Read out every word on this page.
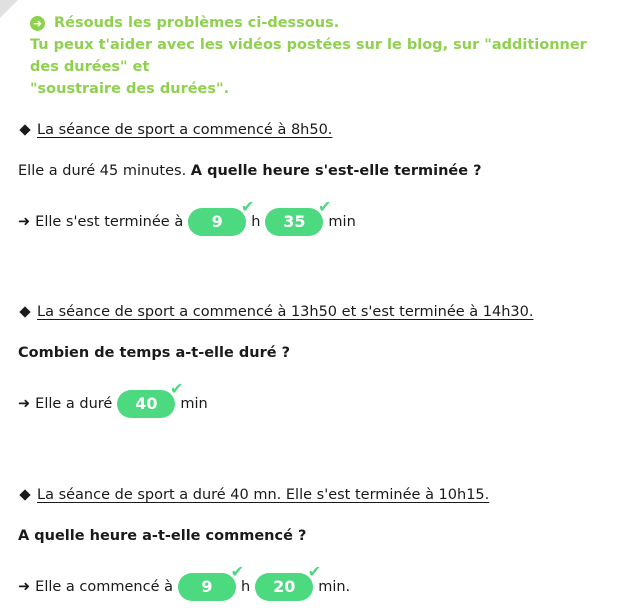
➜ Résouds les problèmes ci-dessous.
Tu peux t'aider avec les vidéos postées sur le blog, sur "additionner des durées" et
"soustraire des durées".
La séance de sport a commencé à 8h50.
Elle a duré 45 minutes. A quelle heure s'est-elle terminée ?
➜ Elle s'est terminée à	9
✔
h	35
✔
min
La séance de sport a commencé à 13h50 et s'est terminée à 14h30.
Combien de temps a-t-elle duré ?
➜ Elle a duré	40
✔
min
La séance de sport a duré 40 mn. Elle s'est terminée à 10h15.
A quelle heure a-t-elle commencé ?
➜ Elle a commencé à	9
✔
h	20
✔
min.
